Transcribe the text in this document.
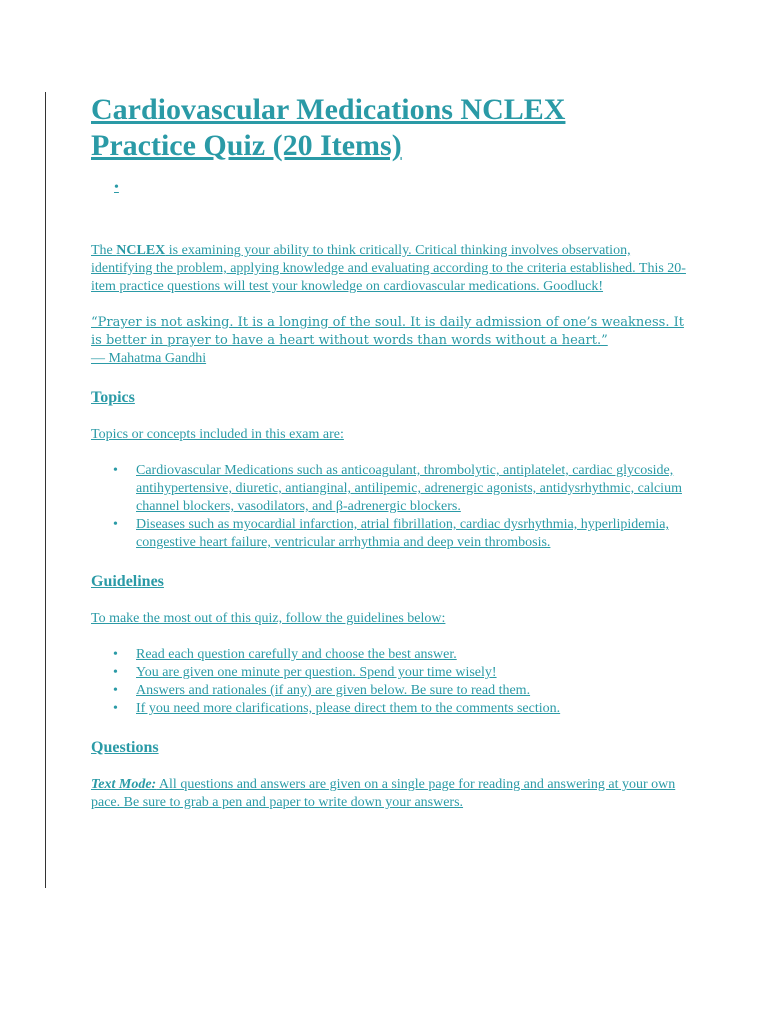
Cardiovascular Medications NCLEX
Practice Quiz (20 Items)
•

The NCLEX is examining your ability to think critically. Critical thinking involves observation, identifying the problem, applying knowledge and evaluating according to the criteria established. This 20-item practice questions will test your knowledge on cardiovascular medications. Goodluck!

“Prayer is not asking. It is a longing of the soul. It is daily admission of one’s weakness. It is better in prayer to have a heart without words than words without a heart.”
— Mahatma Gandhi

Topics

Topics or concepts included in this exam are:

• Cardiovascular Medications such as anticoagulant, thrombolytic, antiplatelet, cardiac glycoside, antihypertensive, diuretic, antianginal, antilipemic, adrenergic agonists, antidysrhythmic, calcium channel blockers, vasodilators, and β-adrenergic blockers.
• Diseases such as myocardial infarction, atrial fibrillation, cardiac dysrhythmia, hyperlipidemia, congestive heart failure, ventricular arrhythmia and deep vein thrombosis.
Guidelines

To make the most out of this quiz, follow the guidelines below:

• Read each question carefully and choose the best answer.
• You are given one minute per question. Spend your time wisely!
• Answers and rationales (if any) are given below. Be sure to read them.
• If you need more clarifications, please direct them to the comments section.
Questions

Text Mode: All questions and answers are given on a single page for reading and answering at your own pace. Be sure to grab a pen and paper to write down your answers.
